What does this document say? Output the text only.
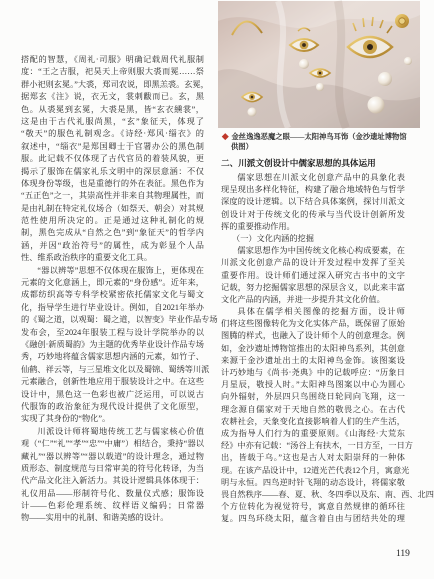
搭配的智慧，《周礼·司服》明确记载周代礼服制
度：“王之吉服，祀昊天上帝则服大裘而冕……祭
群小祀则玄冕。”大裘，郑司农说，即黑羔裘。玄冕，
据郑玄《注》说，衣无文，裳刺黻而已。玄，黑
色。从裘冕到玄冕，大裘是黑，皆“玄衣纁裳”，
这是由于古代礼服尚黑，“玄”象征天，体现了
“敬天”的服色礼制观念。《诗经·郑风·缁衣》的
叙述中，“缁衣”是郑国卿士于官署办公的黑色制
服。此记载不仅体现了古代官员的着装风貌，更
揭示了服饰在儒家礼乐文明中的深层意涵：不仅
体现身份等级，也是重德行的外在表征。黑色作为
“五正色”之一，其崇高性并非来自其物理属性，而
是由礼制在特定礼仪场合（如祭天、朝会）对其规
范性使用所决定的。正是通过这种礼制化的规
制，黑色完成从“自然之色”到“象征天”的哲学内
涵，并因“政治符号”的属性，成为彰显个人品
性、维系政治秩序的重要文化工具。
“器以辨等”思想不仅体现在服饰上，更体现在
元素的文化意涵上，即元素的“身份感”。近年来，
成都纺织高等专科学校紧密依托儒家文化与蜀文
化，指导学生进行毕业设计。例如，自2021年举办
的《蜀之道，以观蜀：蜀之道，以智变》毕业作品专场
发布会，至2024年服装工程与设计学院举办的以
《融创·新质蜀韵》为主题的优秀毕业设计作品专场
秀，巧妙地将蕴含儒家思想内涵的元素，如竹子、
仙鹤、祥云等，与三星堆文化以及蜀锦、蜀绣等川派
元素融合，创新性地应用于服装设计之中。在这些
设计中，黑色这一色彩也被广泛运用，可以说古
代服饰的政治象征为现代设计提供了文化原型，
实现了其身份的“物化”。
川派设计师将蜀地传统工艺与儒家核心价值
观（“仁”“礼”“孝”“忠”“中庸”）相结合，秉持“器以
藏礼”“器以辨等”“器以载道”的设计理念，通过物
质形态、制度规范与日常审美的符号化转译，为当
代产品文化注入新活力。其设计逻辑具体体现于：
礼仪用品——形制符号化、数量仪式感；服饰设
计——色彩伦理系统、纹样语义编码；日常器
物——实用中的礼制、和谐美感的设计。
金丝逸逸恶魔之眼——太阳神鸟耳饰（金沙遗址博物馆
供图）
二、川派文创设计中儒家思想的具体运用
儒家思想在川派文化创意产品中的具象化表
现呈现出多样化特征，构建了融合地域特色与哲学
深度的设计逻辑。以下结合具体案例，探讨川派文
创设计对于传统文化的传承与当代设计创新所发
挥的重要推动作用。
（一）文化内涵的挖掘
儒家思想作为中国传统文化核心构成要素，在
川派文化创意产品的设计开发过程中发挥了至关
重要作用。设计师们通过深入研究古书中的文字
记载，努力挖掘儒家思想的深层含义，以此来丰富
文化产品的内涵，并进一步提升其文化价值。
具体在儒学相关图像的挖掘方面，设计师
们将这些图像转化为文化实体产品，既保留了原始
图腾的样式，也融入了设计师个人的创意理念。例
如，金沙遗址博物馆推出的太阳神鸟系列，其创意
来源于金沙遗址出土的太阳神鸟金饰。该图案设
计巧妙地与《尚书·尧典》中的记载呼应：“历象日
月星辰，敬授人时。”太阳神鸟图案以中心为圆心
向外辐射，外层四只鸟围绕日轮同向飞翔，这一
理念源自儒家对于天地自然的敬畏之心。在古代
农耕社会，天象变化直接影响着人们的生产生活，
成为指导人们行为的重要原则。《山海经·大荒东
经》中亦有记载：“汤谷上有扶木，一日方至，一日方
出，皆载于乌。”这也是古人对太阳崇拜的一种体
现。在该产品设计中，12道光芒代表12个月，寓意光
明与永恒。四鸟逆时针飞翔的动态设计，将儒家敬
畏自然秩序——春、夏、秋、冬四季以及东、南、西、北四
个方位转化为视觉符号，寓意自然规律的循环往
复。四鸟环绕太阳，蕴含着自由与团结共处的理
119
